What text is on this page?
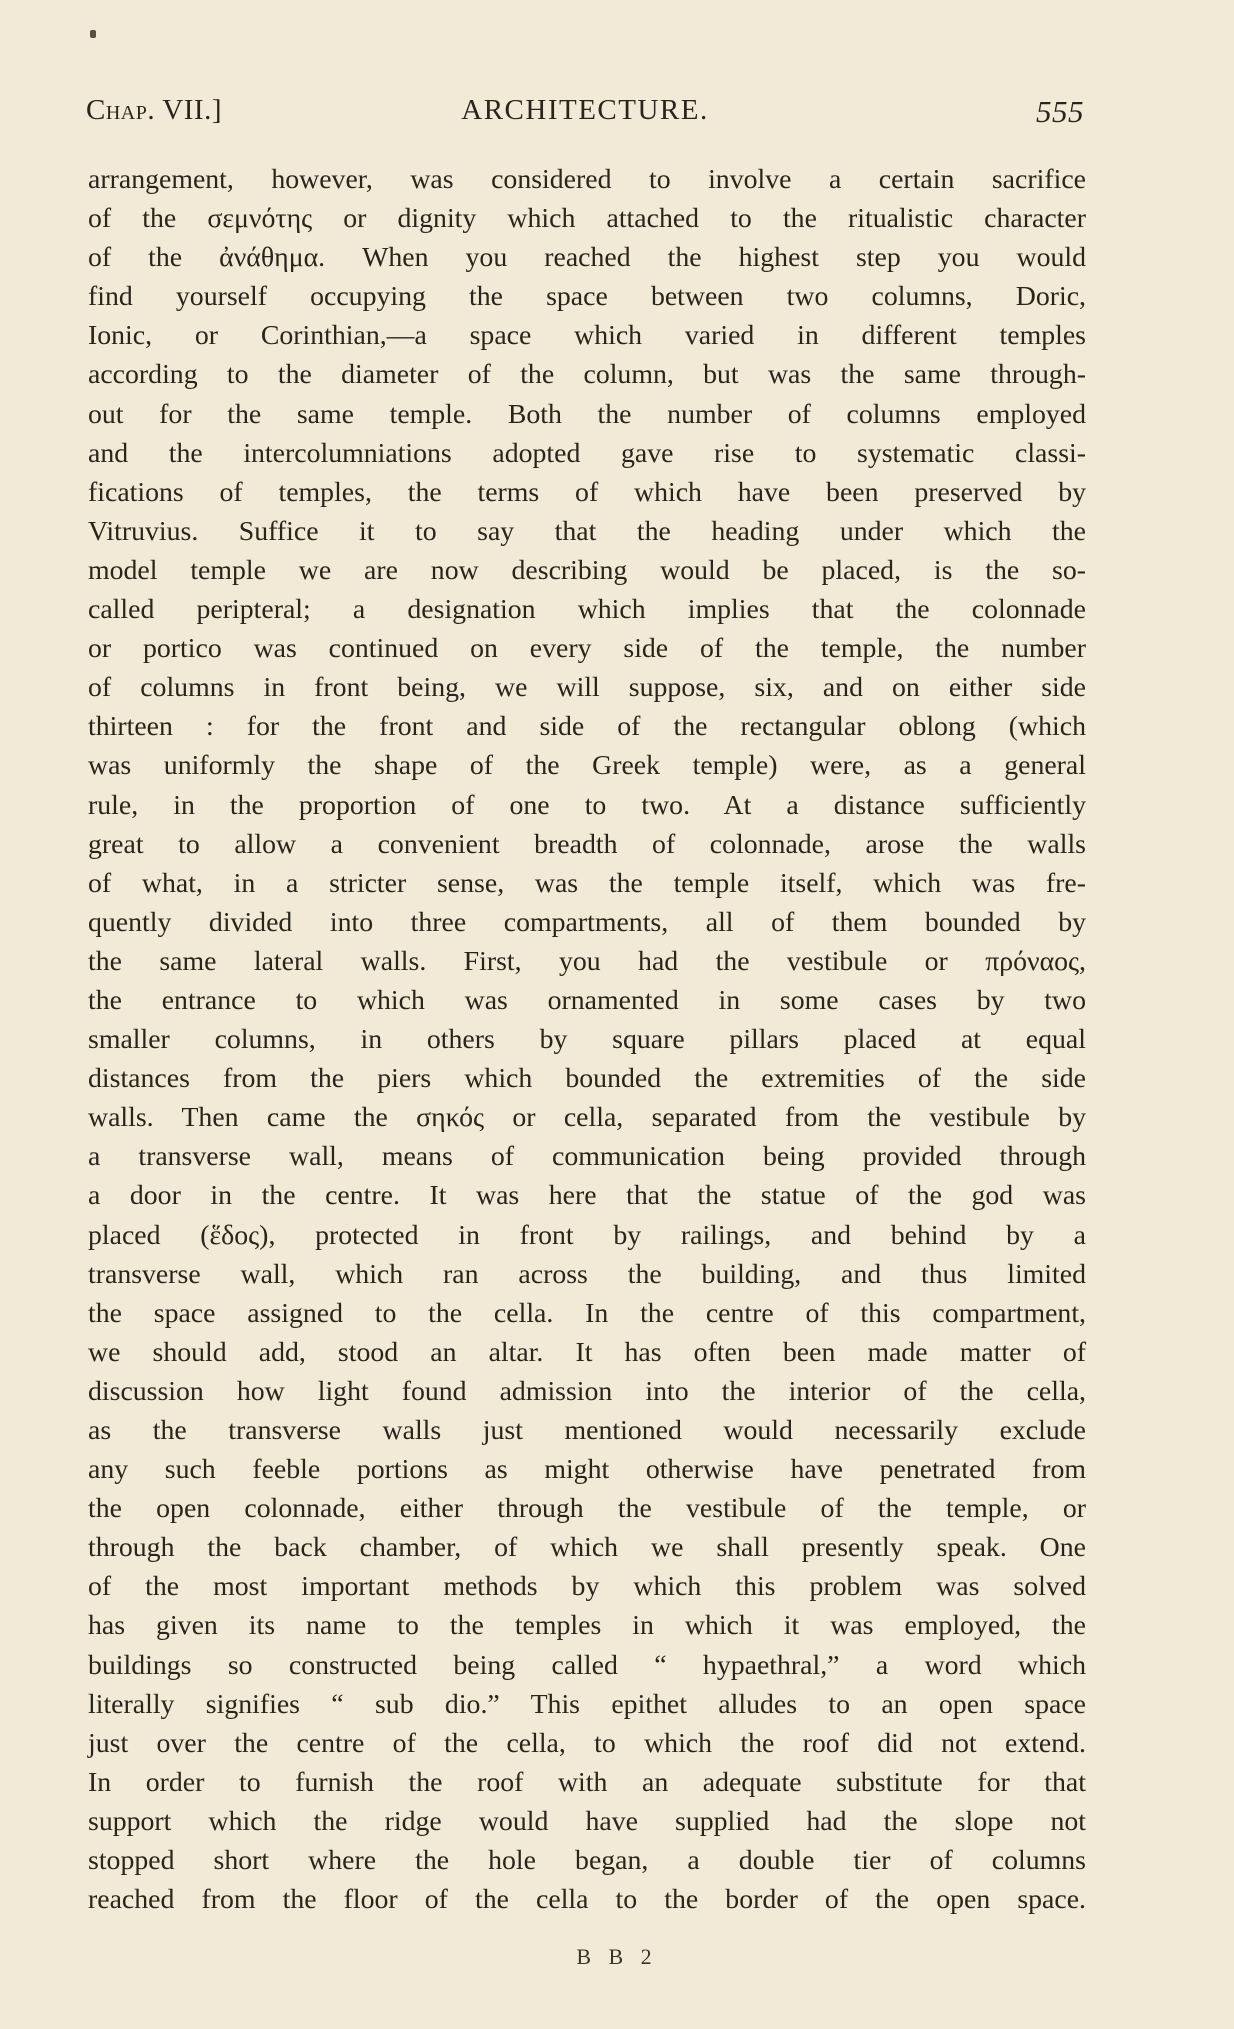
Chap. VII.]	ARCHITECTURE.	555
arrangement, however, was considered to involve a certain sacrifice
of the σεμνότης or dignity which attached to the ritualistic character
of the ἀνάθημα. When you reached the highest step you would
find yourself occupying the space between two columns, Doric,
Ionic, or Corinthian,—a space which varied in different temples
according to the diameter of the column, but was the same through-
out for the same temple. Both the number of columns employed
and the intercolumniations adopted gave rise to systematic classi-
fications of temples, the terms of which have been preserved by
Vitruvius. Suffice it to say that the heading under which the
model temple we are now describing would be placed, is the so-
called peripteral; a designation which implies that the colonnade
or portico was continued on every side of the temple, the number
of columns in front being, we will suppose, six, and on either side
thirteen : for the front and side of the rectangular oblong (which
was uniformly the shape of the Greek temple) were, as a general
rule, in the proportion of one to two. At a distance sufficiently
great to allow a convenient breadth of colonnade, arose the walls
of what, in a stricter sense, was the temple itself, which was fre-
quently divided into three compartments, all of them bounded by
the same lateral walls. First, you had the vestibule or πρόναος,
the entrance to which was ornamented in some cases by two
smaller columns, in others by square pillars placed at equal
distances from the piers which bounded the extremities of the side
walls. Then came the σηκός or cella, separated from the vestibule by
a transverse wall, means of communication being provided through
a door in the centre. It was here that the statue of the god was
placed (ἕδος), protected in front by railings, and behind by a
transverse wall, which ran across the building, and thus limited
the space assigned to the cella. In the centre of this compartment,
we should add, stood an altar. It has often been made matter of
discussion how light found admission into the interior of the cella,
as the transverse walls just mentioned would necessarily exclude
any such feeble portions as might otherwise have penetrated from
the open colonnade, either through the vestibule of the temple, or
through the back chamber, of which we shall presently speak. One
of the most important methods by which this problem was solved
has given its name to the temples in which it was employed, the
buildings so constructed being called “ hypaethral,” a word which
literally signifies “ sub dio.” This epithet alludes to an open space
just over the centre of the cella, to which the roof did not extend.
In order to furnish the roof with an adequate substitute for that
support which the ridge would have supplied had the slope not
stopped short where the hole began, a double tier of columns
reached from the floor of the cella to the border of the open space.
B B 2
